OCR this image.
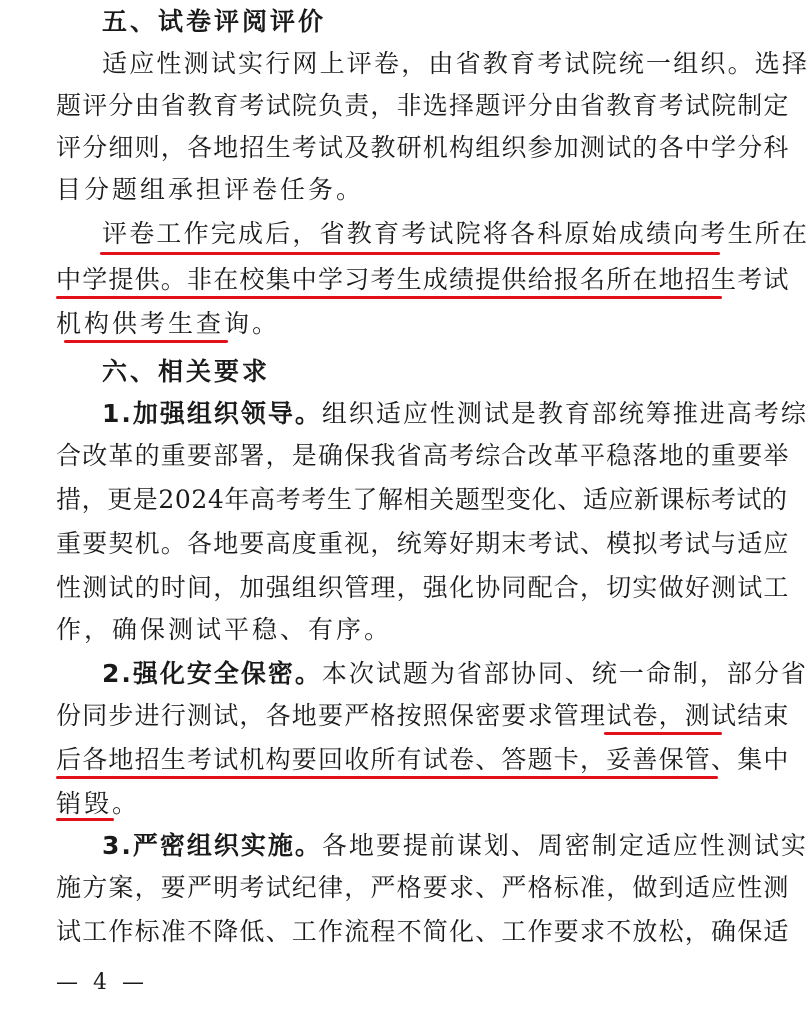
五、试卷评阅评价
适应性测试实行网上评卷，由省教育考试院统一组织。选择
题评分由省教育考试院负责，非选择题评分由省教育考试院制定
评分细则，各地招生考试及教研机构组织参加测试的各中学分科
目分题组承担评卷任务。
评卷工作完成后，省教育考试院将各科原始成绩向考生所在
中学提供。非在校集中学习考生成绩提供给报名所在地招生考试
机构供考生查询。
六、相关要求
1.加强组织领导。组织适应性测试是教育部统筹推进高考综
合改革的重要部署，是确保我省高考综合改革平稳落地的重要举
措，更是2024年高考考生了解相关题型变化、适应新课标考试的
重要契机。各地要高度重视，统筹好期末考试、模拟考试与适应
性测试的时间，加强组织管理，强化协同配合，切实做好测试工
作，确保测试平稳、有序。
2.强化安全保密。本次试题为省部协同、统一命制，部分省
份同步进行测试，各地要严格按照保密要求管理试卷，测试结束
后各地招生考试机构要回收所有试卷、答题卡，妥善保管、集中
销毁。
3.严密组织实施。各地要提前谋划、周密制定适应性测试实
施方案，要严明考试纪律，严格要求、严格标准，做到适应性测
试工作标准不降低、工作流程不简化、工作要求不放松，确保适
— 4 —
